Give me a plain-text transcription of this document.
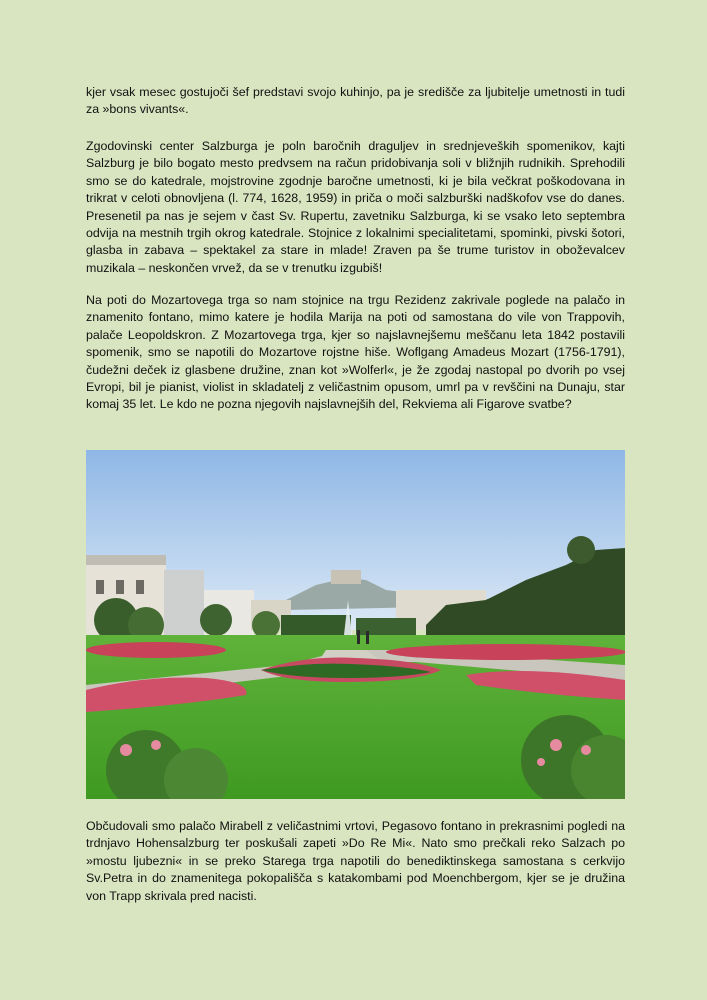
kjer vsak mesec gostujoči šef predstavi svojo kuhinjo, pa je središče za ljubitelje umetnosti in tudi za »bons vivants«.

Zgodovinski center Salzburga je poln baročnih draguljev in srednjeveških spomenikov, kajti Salzburg je bilo bogato mesto predvsem na račun pridobivanja soli v bližnjih rudnikih. Sprehodili smo se do katedrale, mojstrovine zgodnje baročne umetnosti, ki je bila večkrat poškodovana in trikrat v celoti obnovljena (l. 774, 1628, 1959) in priča o moči salzburški nadškofov vse do danes. Presenetil pa nas je sejem v čast Sv. Rupertu, zavetniku Salzburga, ki se vsako leto septembra odvija na mestnih trgih okrog katedrale. Stojnice z lokalnimi specialitetami, spominki, pivski šotori, glasba in zabava – spektakel za stare in mlade! Zraven pa še trume turistov in oboževalcev muzikala – neskončen vrvež, da se v trenutku izgubiš!

Na poti do Mozartovega trga so nam stojnice na trgu Rezidenz zakrivale poglede na palačo in znamenito fontano, mimo katere je hodila Marija na poti od samostana do vile von Trappovih, palače Leopoldskron. Z Mozartovega trga, kjer so najslavnejšemu meščanu leta 1842 postavili spomenik, smo se napotili do Mozartove rojstne hiše. Woflgang Amadeus Mozart (1756-1791), čudežni deček iz glasbene družine, znan kot »Wolferl«, je že zgodaj nastopal po dvorih po vsej Evropi, bil je pianist, violist in skladatelj z veličastnim opusom, umrl pa v revščini na Dunaju, star komaj 35 let. Le kdo ne pozna njegovih najslavnejših del, Rekviema ali Figarove svatbe?

Občudovali smo palačo Mirabell z veličastnimi vrtovi, Pegasovo fontano in prekrasnimi pogledi na trdnjavo Hohensalzburg ter poskušali zapeti »Do Re Mi«. Nato smo prečkali reko Salzach po »mostu ljubezni« in se preko Starega trga napotili do benediktinskega samostana s cerkvijo Sv.Petra in do znamenitega pokopališča s katakombami pod Moenchbergom, kjer se je družina von Trapp skrivala pred nacisti.
